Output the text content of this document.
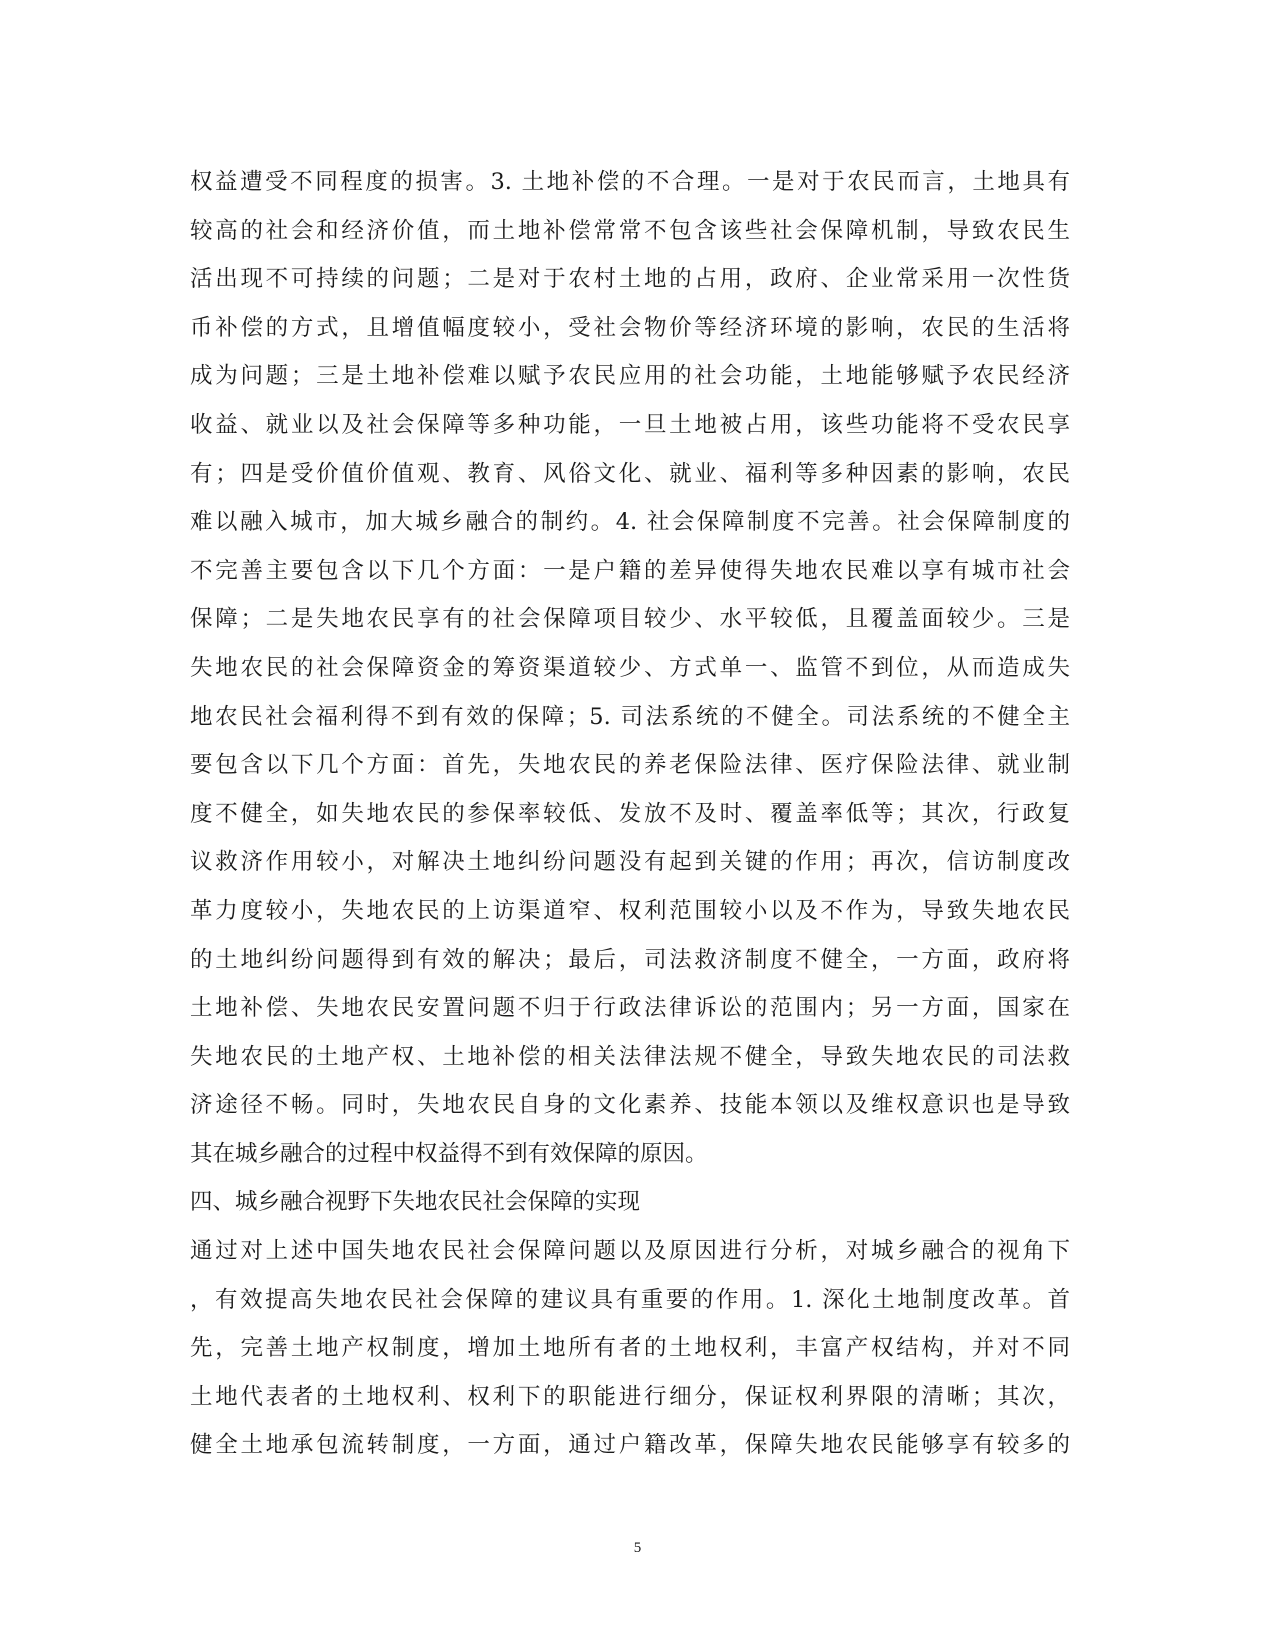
权益遭受不同程度的损害。3. 土地补偿的不合理。一是对于农民而言，土地具有
较高的社会和经济价值，而土地补偿常常不包含该些社会保障机制，导致农民生
活出现不可持续的问题；二是对于农村土地的占用，政府、企业常采用一次性货
币补偿的方式，且增值幅度较小，受社会物价等经济环境的影响，农民的生活将
成为问题；三是土地补偿难以赋予农民应用的社会功能，土地能够赋予农民经济
收益、就业以及社会保障等多种功能，一旦土地被占用，该些功能将不受农民享
有；四是受价值价值观、教育、风俗文化、就业、福利等多种因素的影响，农民
难以融入城市，加大城乡融合的制约。4. 社会保障制度不完善。社会保障制度的
不完善主要包含以下几个方面：一是户籍的差异使得失地农民难以享有城市社会
保障；二是失地农民享有的社会保障项目较少、水平较低，且覆盖面较少。三是
失地农民的社会保障资金的筹资渠道较少、方式单一、监管不到位，从而造成失
地农民社会福利得不到有效的保障；5. 司法系统的不健全。司法系统的不健全主
要包含以下几个方面：首先，失地农民的养老保险法律、医疗保险法律、就业制
度不健全，如失地农民的参保率较低、发放不及时、覆盖率低等；其次，行政复
议救济作用较小，对解决土地纠纷问题没有起到关键的作用；再次，信访制度改
革力度较小，失地农民的上访渠道窄、权利范围较小以及不作为，导致失地农民
的土地纠纷问题得到有效的解决；最后，司法救济制度不健全，一方面，政府将
土地补偿、失地农民安置问题不归于行政法律诉讼的范围内；另一方面，国家在
失地农民的土地产权、土地补偿的相关法律法规不健全，导致失地农民的司法救
济途径不畅。同时，失地农民自身的文化素养、技能本领以及维权意识也是导致
其在城乡融合的过程中权益得不到有效保障的原因。
四、城乡融合视野下失地农民社会保障的实现
通过对上述中国失地农民社会保障问题以及原因进行分析，对城乡融合的视角下
，有效提高失地农民社会保障的建议具有重要的作用。1. 深化土地制度改革。首
先，完善土地产权制度，增加土地所有者的土地权利，丰富产权结构，并对不同
土地代表者的土地权利、权利下的职能进行细分，保证权利界限的清晰；其次，
健全土地承包流转制度，一方面，通过户籍改革，保障失地农民能够享有较多的
5
